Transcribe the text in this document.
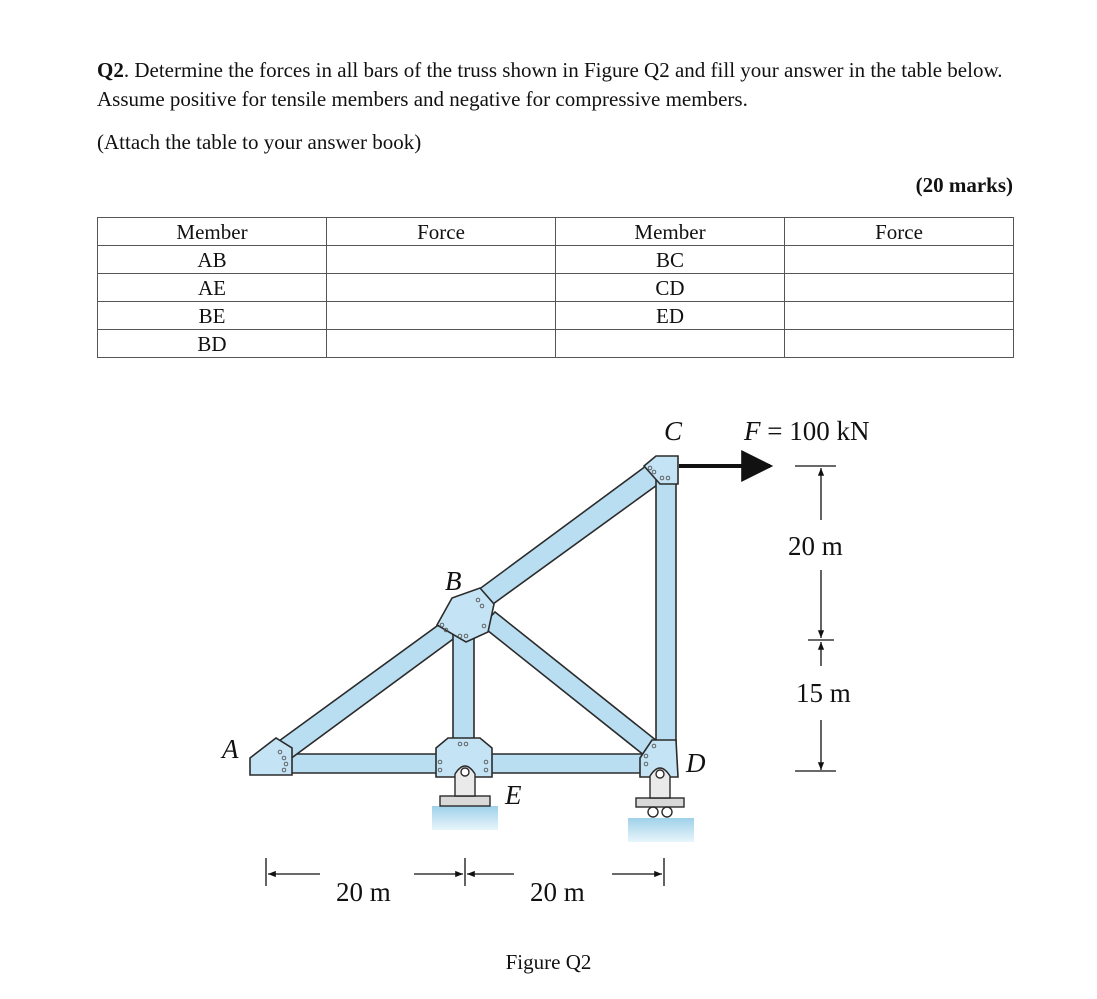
Q2. Determine the forces in all bars of the truss shown in Figure Q2 and fill your answer in the table below. Assume positive for tensile members and negative for compressive members.
(Attach the table to your answer book)
(20 marks)
Member	Force	Member	Force
AB		BC	
AE		CD	
BE		ED	
BD			
A
B
C
D
E
F = 100 kN
20 m
15 m
20 m	20 m
Figure Q2
